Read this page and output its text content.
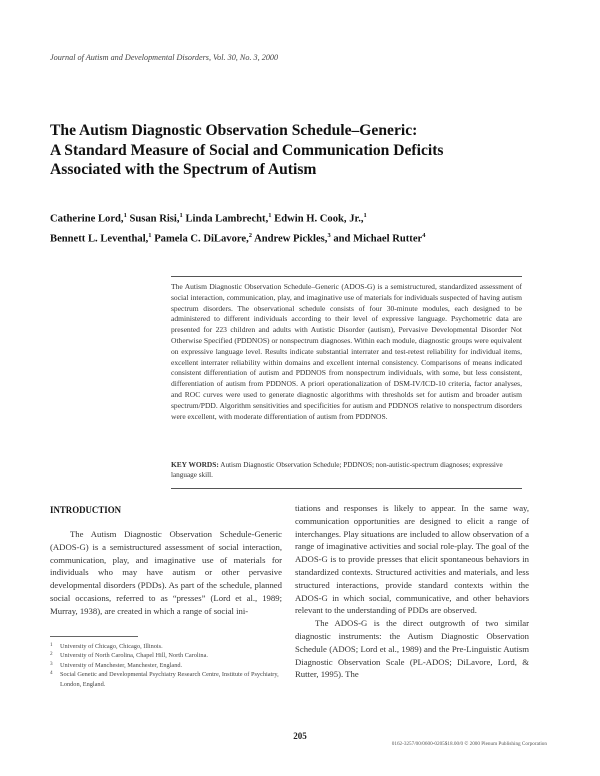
Journal of Autism and Developmental Disorders, Vol. 30, No. 3, 2000
The Autism Diagnostic Observation Schedule–Generic:
A Standard Measure of Social and Communication Deficits
Associated with the Spectrum of Autism
Catherine Lord,$^1$ Susan Risi,$^1$ Linda Lambrecht,$^1$ Edwin H. Cook, Jr.,$^1$
Bennett L. Leventhal,$^1$ Pamela C. DiLavore,$^2$ Andrew Pickles,$^3$ and Michael Rutter$^4$

The Autism Diagnostic Observation Schedule–Generic (ADOS-G) is a semistructured, standardized assessment of social interaction, communication, play, and imaginative use of materials for individuals suspected of having autism spectrum disorders. The observational schedule consists of four 30-minute modules, each designed to be administered to different individuals according to their level of expressive language. Psychometric data are presented for 223 children and adults with Autistic Disorder (autism), Pervasive Developmental Disorder Not Otherwise Specified (PDDNOS) or nonspectrum diagnoses. Within each module, diagnostic groups were equivalent on expressive language level. Results indicate substantial interrater and test-retest reliability for individual items, excellent interrater reliability within domains and excellent internal consistency. Comparisons of means indicated consistent differentiation of autism and PDDNOS from nonspectrum individuals, with some, but less consistent, differentiation of autism from PDDNOS. A priori operationalization of DSM-IV/ICD-10 criteria, factor analyses, and ROC curves were used to generate diagnostic algorithms with thresholds set for autism and broader autism spectrum/PDD. Algorithm sensitivities and specificities for autism and PDDNOS relative to nonspectrum disorders were excellent, with moderate differentiation of autism from PDDNOS.

KEY WORDS: Autism Diagnostic Observation Schedule; PDDNOS; non-autistic-spectrum diagnoses; expressive language skill.
INTRODUCTION

The Autism Diagnostic Observation Schedule-Generic (ADOS-G) is a semistructured assessment of social interaction, communication, play, and imaginative use of materials for individuals who may have autism or other pervasive developmental disorders (PDDs). As part of the schedule, planned social occasions, referred to as “presses” (Lord et al., 1989; Murray, 1938), are created in which a range of social ini-

tiations and responses is likely to appear. In the same way, communication opportunities are designed to elicit a range of interchanges. Play situations are included to allow observation of a range of imaginative activities and social role-play. The goal of the ADOS-G is to provide presses that elicit spontaneous behaviors in standardized contexts. Structured activities and materials, and less structured interactions, provide standard contexts within the ADOS-G in which social, communicative, and other behaviors relevant to the understanding of PDDs are observed.

The ADOS-G is the direct outgrowth of two similar diagnostic instruments: the Autism Diagnostic Observation Schedule (ADOS; Lord et al., 1989) and the Pre-Linguistic Autism Diagnostic Observation Scale (PL-ADOS; DiLavore, Lord, & Rutter, 1995). The

1 University of Chicago, Chicago, Illinois.
2 University of North Carolina, Chapel Hill, North Carolina.
3 University of Manchester, Manchester, England.
4 Social Genetic and Developmental Psychiatry Research Centre, Institute of Psychiatry, London, England.
205
0162-3257/00/0600-0205$18.00/0 © 2000 Plenum Publishing Corporation
